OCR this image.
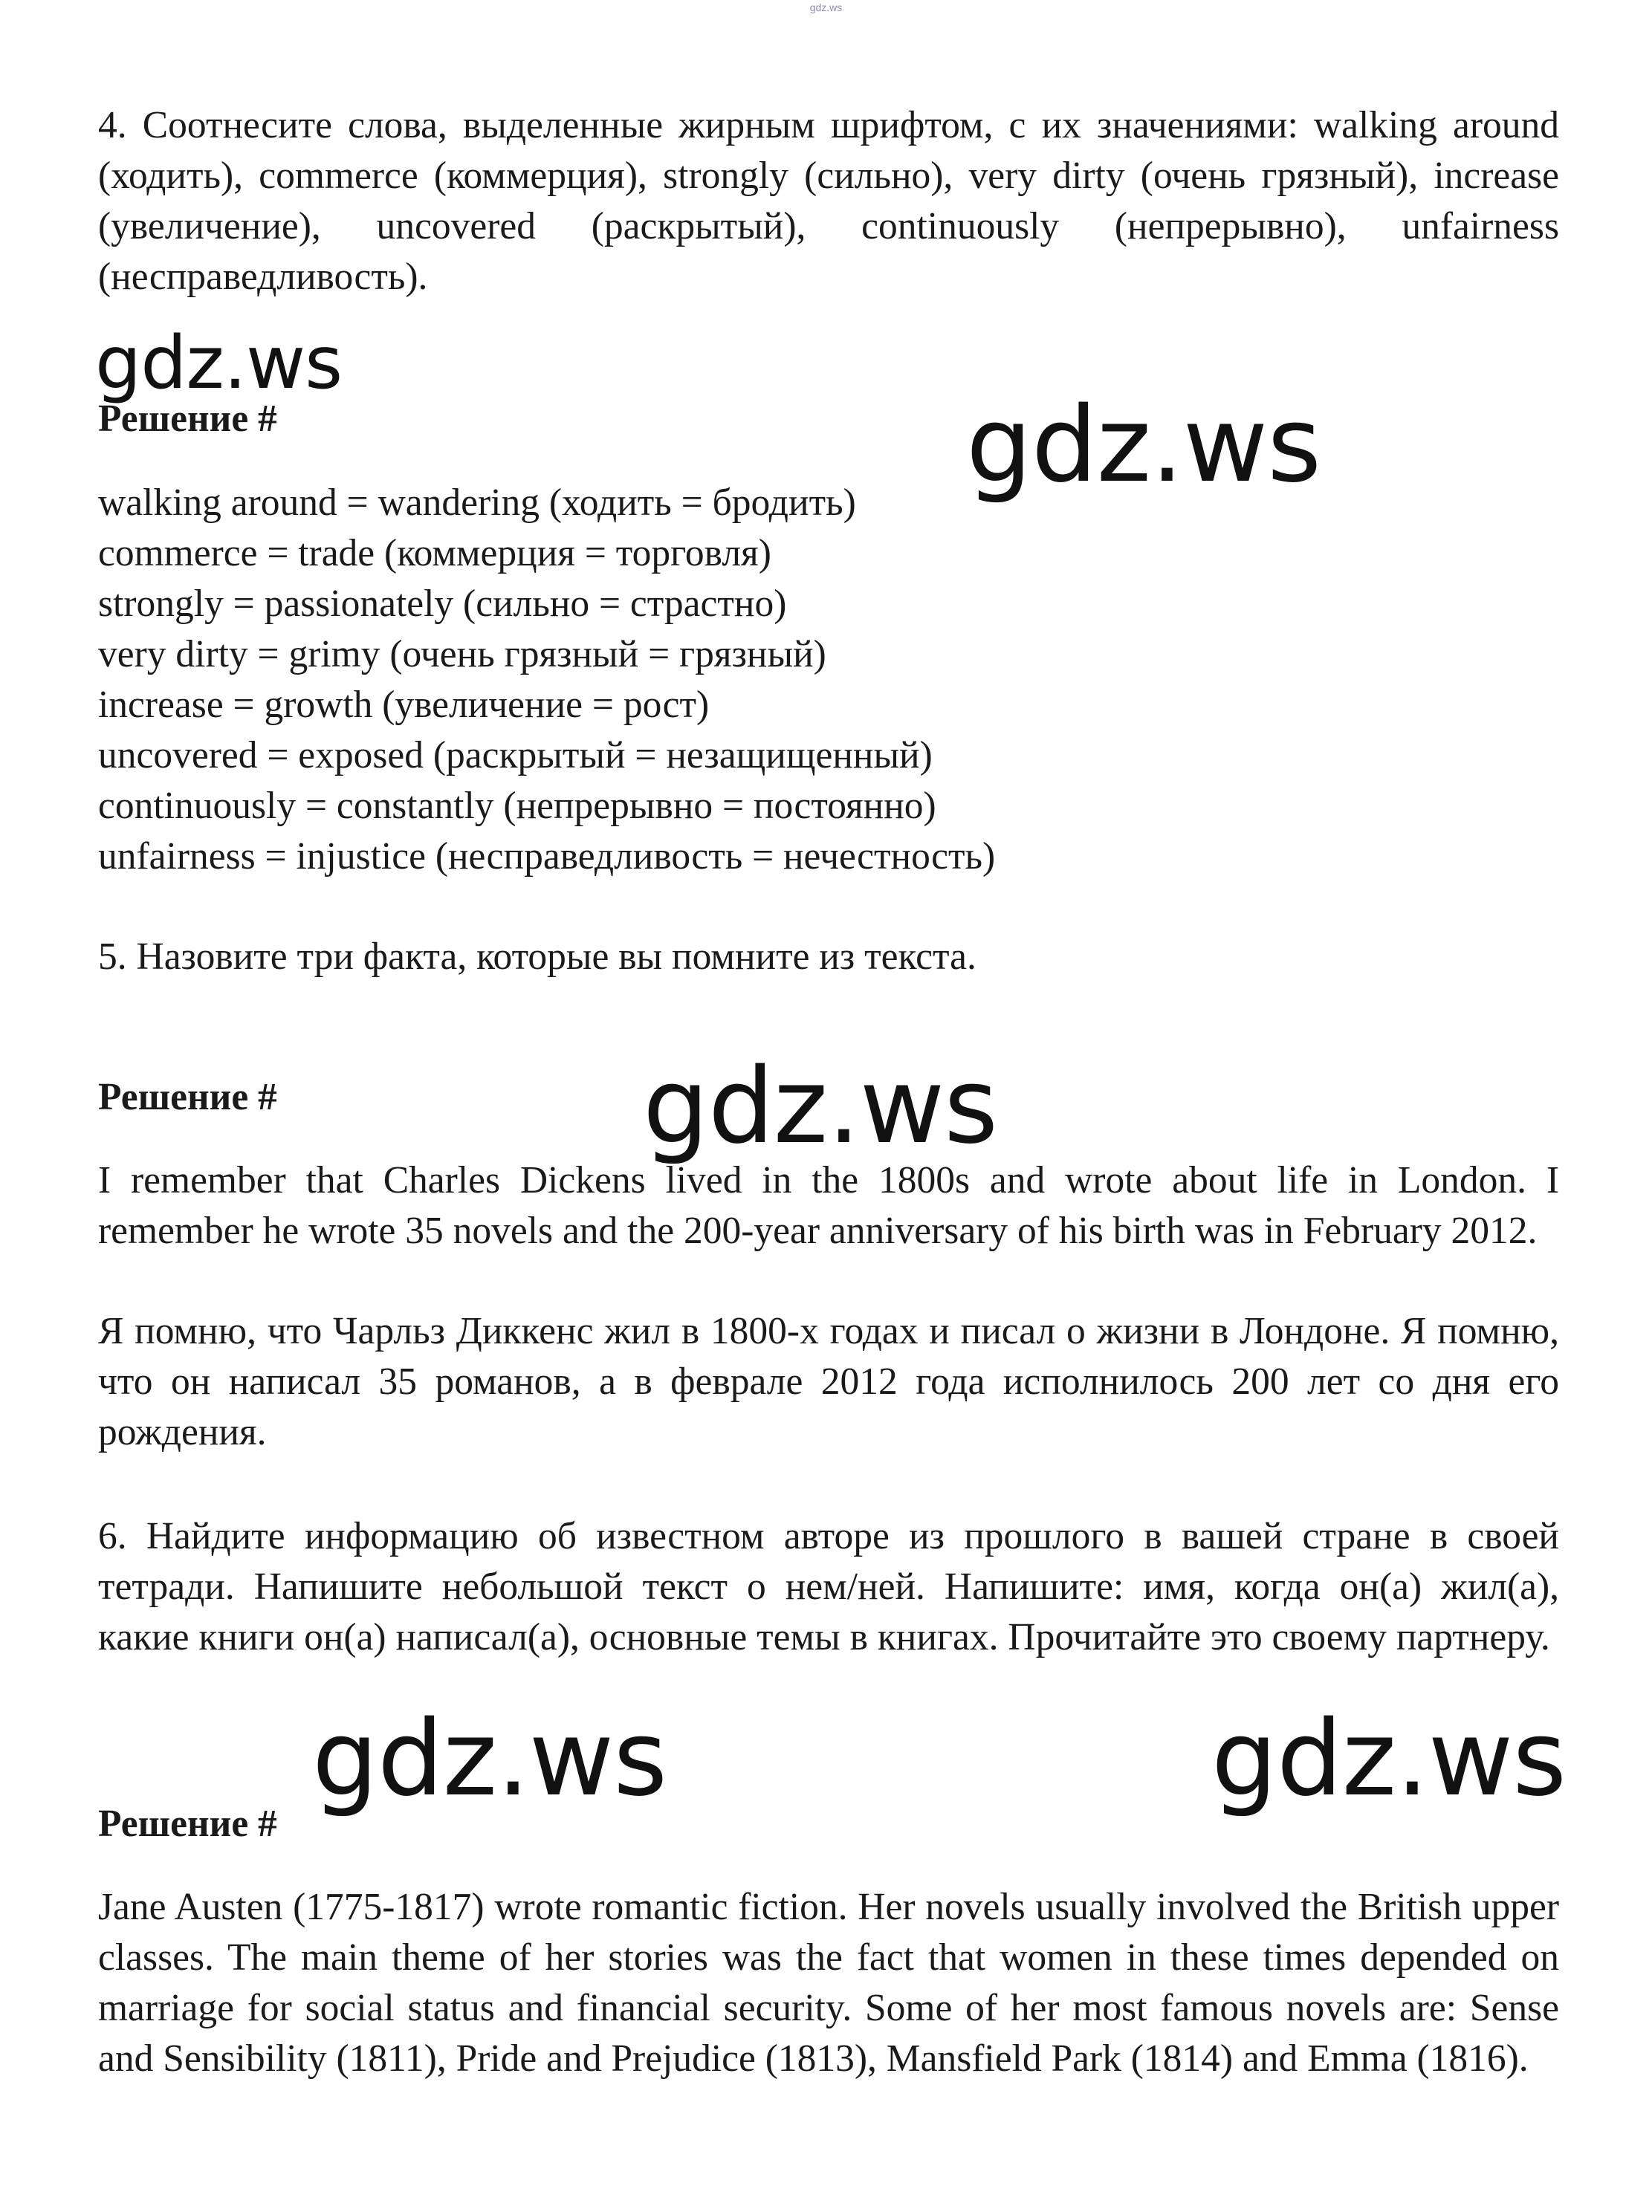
gdz.ws

4. Соотнесите слова, выделенные жирным шрифтом, с их значениями: walking around (ходить), commerce (коммерция), strongly (сильно), very dirty (очень грязный), increase (увеличение), uncovered (раскрытый), continuously (непрерывно), unfairness (несправедливость).

gdz.ws

Решение #	gdz.ws

walking around = wandering (ходить = бродить)

commerce = trade (коммерция = торговля)

strongly = passionately (сильно = страстно)

very dirty = grimy (очень грязный = грязный)

increase = growth (увеличение = рост)

uncovered = exposed (раскрытый = незащищенный)

continuously = constantly (непрерывно = постоянно)

unfairness = injustice (несправедливость = нечестность)

5. Назовите три факта, которые вы помните из текста.

Решение #	gdz.ws

I remember that Charles Dickens lived in the 1800s and wrote about life in London. I remember he wrote 35 novels and the 200-year anniversary of his birth was in February 2012.

Я помню, что Чарльз Диккенс жил в 1800-х годах и писал о жизни в Лондоне. Я помню, что он написал 35 романов, а в феврале 2012 года исполнилось 200 лет со дня его рождения.

6. Найдите информацию об известном авторе из прошлого в вашей стране в своей тетради. Напишите небольшой текст о нем/ней. Напишите: имя, когда он(а) жил(а), какие книги он(а) написал(а), основные темы в книгах. Прочитайте это своему партнеру.

gdz.ws	gdz.ws

Решение #

Jane Austen (1775-1817) wrote romantic fiction. Her novels usually involved the British upper classes. The main theme of her stories was the fact that women in these times depended on marriage for social status and financial security. Some of her most famous novels are: Sense and Sensibility (1811), Pride and Prejudice (1813), Mansfield Park (1814) and Emma (1816).
